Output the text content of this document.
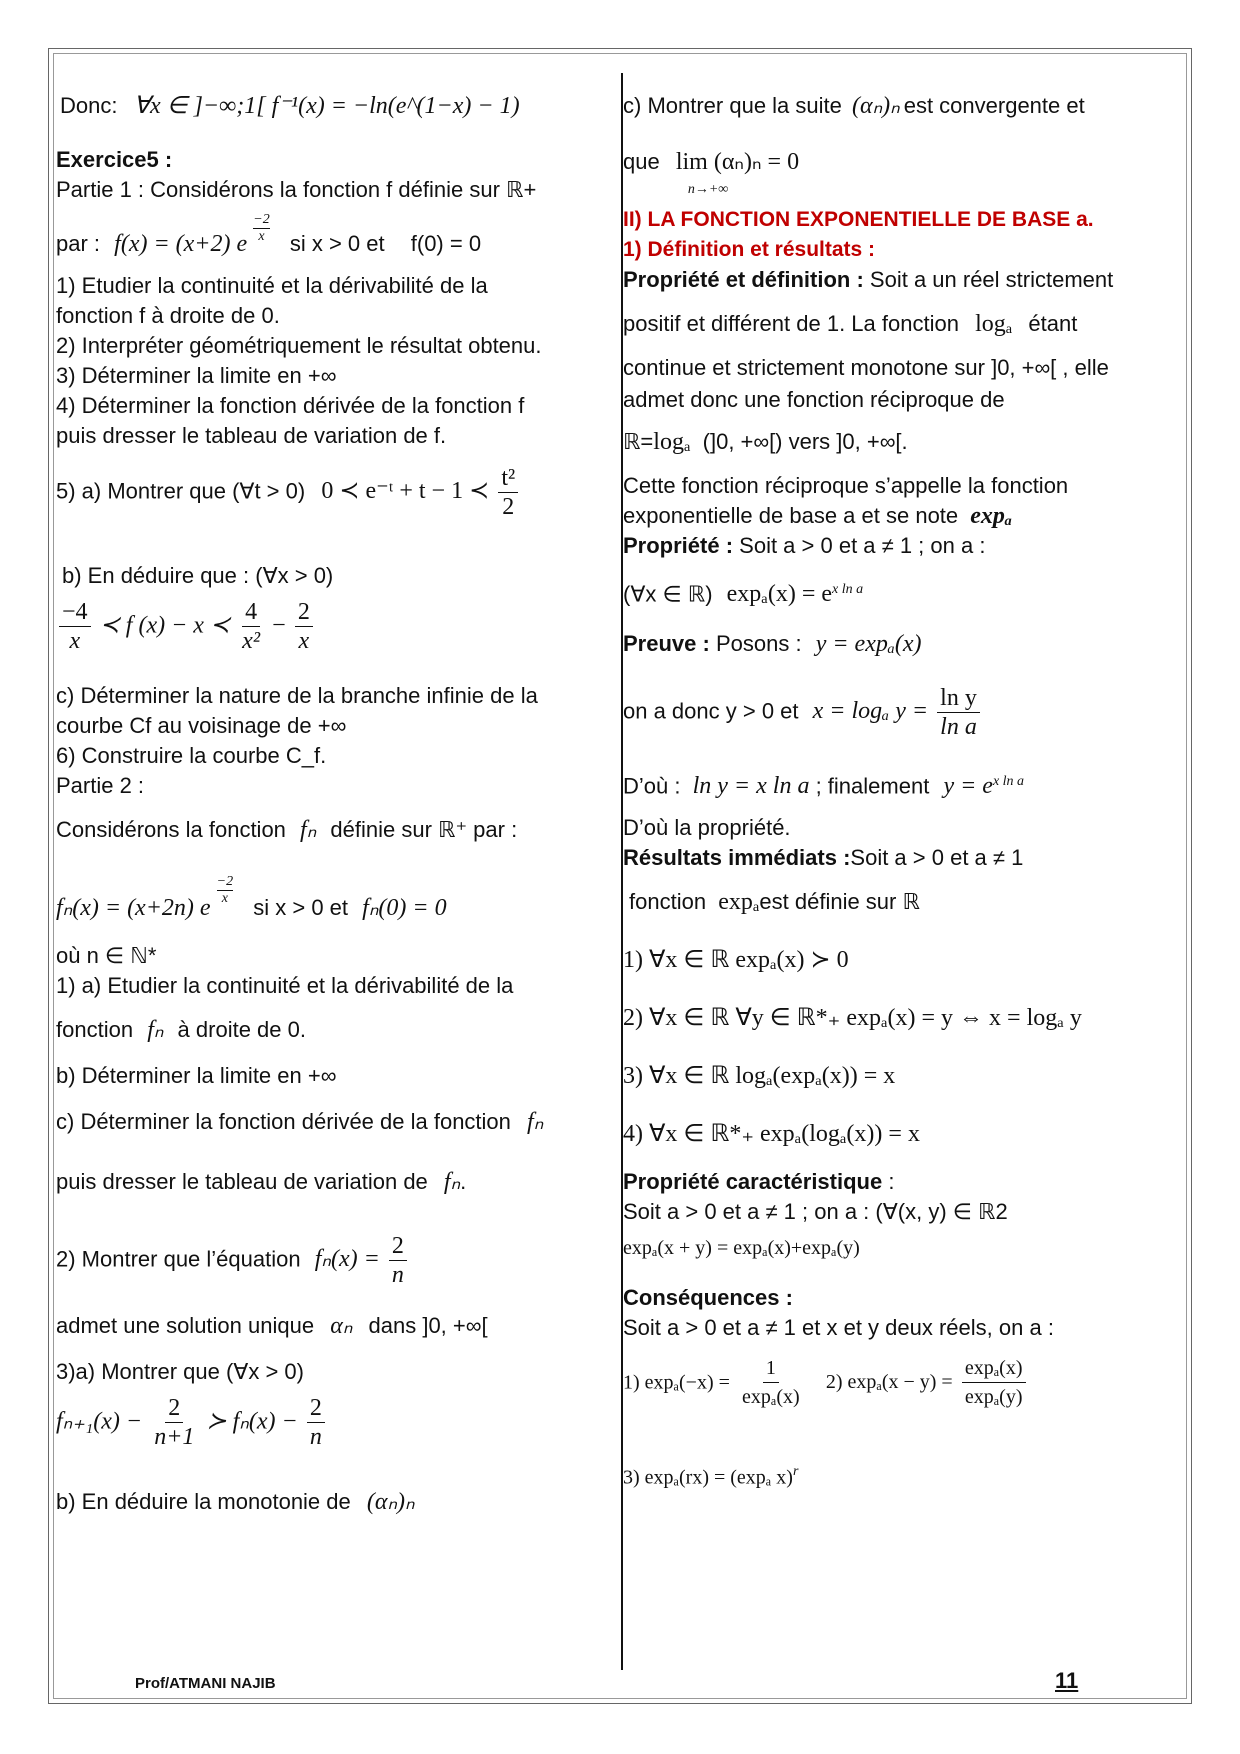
Donc: ∀x ∈ ]−∞;1[ f⁻¹(x) = −ln(e^(1−x) − 1)
Exercice5 :
Partie 1 : Considérons la fonction f définie sur ℝ+
par : f(x) = (x+2) e $\frac{-2}{x}$ si x > 0 et f(0) = 0
1) Etudier la continuité et la dérivabilité de la
fonction f à droite de 0.
2) Interpréter géométriquement le résultat obtenu.
3) Déterminer la limite en +∞
4) Déterminer la fonction dérivée de la fonction f
puis dresser le tableau de variation de f.
5) a) Montrer que (∀t > 0) 0 ≺ e⁻ᵗ + t − 1 ≺ $\frac{\text{t²}}{2}$
b) En déduire que : (∀x > 0)
$\frac{-4}{x}$ ≺ f (x) − x ≺ $\frac{4}{\text{x²}} - \frac{2}{x}$
c) Déterminer la nature de la branche infinie de la
courbe Cf au voisinage de +∞
6) Construire la courbe C_f.
Partie 2 :
Considérons la fonction fₙ définie sur ℝ⁺ par :
fₙ(x) = (x+2n) e
$\frac{-2}{x}$
si x > 0 et fₙ(0) = 0
où n ∈ ℕ*
1) a) Etudier la continuité et la dérivabilité de la
fonction fₙ à droite de 0.
b) Déterminer la limite en +∞
c) Déterminer la fonction dérivée de la fonction fₙ
puis dresser le tableau de variation de fₙ.
2) Montrer que l’équation $f_n(x) = \frac{2}{n}$
admet une solution unique αₙ dans ]0, +∞[
3)a) Montrer que (∀x > 0)
$f_{n+1}(x) - \frac{2}{n+1}$ ≻ $f_n(x) - \frac{2}{n}$
b) En déduire la monotonie de (αₙ)ₙ
c) Montrer que la suite (αₙ)ₙ est convergente et
que lim (αₙ)ₙ = 0
n→+∞
II) LA FONCTION EXPONENTIELLE DE BASE a.
1) Définition et résultats :
Propriété et définition : Soit a un réel strictement
positif et différent de 1. La fonction logₐ étant
continue et strictement monotone sur ]0, +∞[ , elle
admet donc une fonction réciproque de
ℝ=logₐ (]0, +∞[) vers ]0, +∞[.
Cette fonction réciproque s’appelle la fonction
exponentielle de base a et se note expₐ
Propriété : Soit a > 0 et a ≠ 1 ; on a :
(∀x ∈ ℝ) $\exp_a(x) = e^{x ln a}$
Preuve : Posons : y = expₐ(x)
on a donc y > 0 et x = logₐ $y = \frac{\text{ln y}}{\text{ln a}}$
D’où : ln y = x ln a ; finalement $y = e^{x ln a}$
D’où la propriété.
Résultats immédiats :Soit a > 0 et a ≠ 1
fonction expₐest définie sur ℝ
1) ∀x ∈ ℝ expₐ(x) ≻ 0
2) ∀x ∈ ℝ ∀y ∈ ℝ*₊ expₐ(x) = y ⇔ x = logₐ y
3) ∀x ∈ ℝ logₐ(expₐ(x)) = x
4) ∀x ∈ ℝ*₊ expₐ(logₐ(x)) = x
Propriété caractéristique :
Soit a > 0 et a ≠ 1 ; on a : (∀(x, y) ∈ ℝ2
expₐ(x + y) = expₐ(x)+expₐ(y)
Conséquences :
Soit a > 0 et a ≠ 1 et x et y deux réels, on a :
1) $\exp_a(-x) = \frac{1}{\text{expₐ(x)}} 2$) $\exp_a(x - y) = \frac{\text{expₐ(x)}}{\text{expₐ(y)}}$
3) expₐ(rx) = (expₐ x)$^r$
Prof/ATMANI NAJIB	11
